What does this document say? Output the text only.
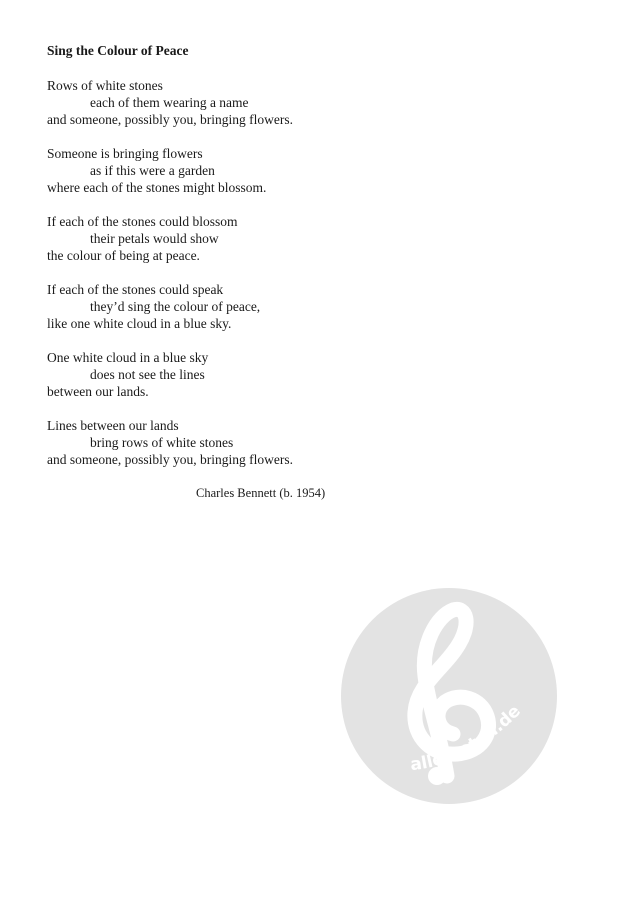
Sing the Colour of Peace

Rows of white stones
each of them wearing a name
and someone, possibly you, bringing flowers.

Someone is bringing flowers
as if this were a garden
where each of the stones might blossom.

If each of the stones could blossom
their petals would show
the colour of being at peace.

If each of the stones could speak
they’d sing the colour of peace,
like one white cloud in a blue sky.

One white cloud in a blue sky
does not see the lines
between our lands.

Lines between our lands
bring rows of white stones
and someone, possibly you, bringing flowers.

Charles Bennett (b. 1954)
alle-noten.de
